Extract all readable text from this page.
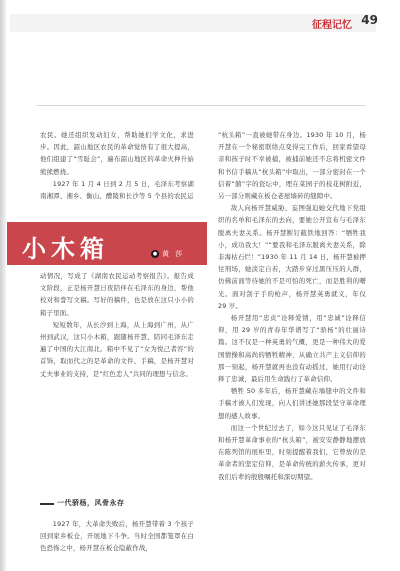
征程记忆 49

农民。她还组织发动妇女，帮助她们学文化，求进步。因此，韶山地区农民的革命觉悟有了很大提高，他们组建了“雪耻会”，遍布韶山地区的革命火种升始熊熊燃烧。

1927 年 1 月 4 日到 2 月 5 日，毛泽东考察湖南湘潭、湘乡、衡山、醴陵和长沙等 5 个县的农民运

小木箱	● 黄 莎

动情况，写成了《湖南农民运动考察报告》。报告成文阶段，正是杨开慧日夜陪伴在毛泽东的身边，帮他校对和誊写文稿。写好的稿件，也是放在这只小小的箱子里面。

短短数年，从长沙到上海，从上海到广州，从广州到武汉，这只小木箱，跟随杨开慧、陪同毛泽东走遍了中国的大江南北。箱中不见了“女为悦己者容”的首饰，取而代之的是革命的文件、手稿，是杨开慧对丈夫事业的支持，是“红色恋人”共同的理想与信念。

一代骄杨，风骨永存

1927 年，大革命失败后，杨开慧带着 3 个孩子回到家乡板仓，开展地下斗争。当时全国都笼罩在白色恐怖之中，杨开慧在板仓隐蔽作战，

“杭头箱”一直被她带在身边。1930 年 10 月，杨开慧在一个秘密联络点变得完工作后，回家看望母亲和孩子时不幸被捕，被捕前她还不忘将机密文件和书信手稿从“杭头箱”中取出，一部分密封在一个信着“囍”字的瓷坛中，埋在菜园子的枝花树附近，另一部分则藏在板仓老屋墙砖的缝隙中。

敌人向杨开慧威胁，妄图强迫她交代地下党组织的名单和毛泽东的去向，要她公开宣布与毛泽东脱离夫妻关系。杨开慧断钉截铁地回答：“牺牲我小，成功我大！”“要我和毛泽东脱离夫妻关系，除非海枯石烂！”1930 年 11 月 14 日，杨开慧被押往刑场，她淡定自若，大踏步穿过黑压压的人群，仿佛前面等待她的不是可怕的死亡，而是胜利的曙光。面对刽子手的枪声，杨开慧英勇就义，年仅 29 岁。

杨开慧用“忠贞”诠释爱情，用“忠诚”诠释信仰，用 29 岁的青春年华谱写了“骄杨”的壮丽诗篇。这不仅是一种英勇的气概，更是一种伟大的爱国情操和高尚的牺牲精神，从确立共产主义信仰的那一刻起，杨开慧就再也没有动摇过，她用行动诠释了忠诚，最后用生命践行了革命信仰。

牺牲 50 多年后，杨开慧藏在墙缝中的文件和手稿才被人们发现，向人们讲述她那段坚守革命理想的感人故事。

而这一个世纪过去了，如今这只见证了毛泽东和杨开慧革命事业的“杭头箱”，被安安静静地摆放在陈列馆的展柜里，时刻提醒着我们，它曾放的是革命者的坚定信仰，是革命传统的薪火传承，更对我们后辈的殷殷嘱托和深切期望。
